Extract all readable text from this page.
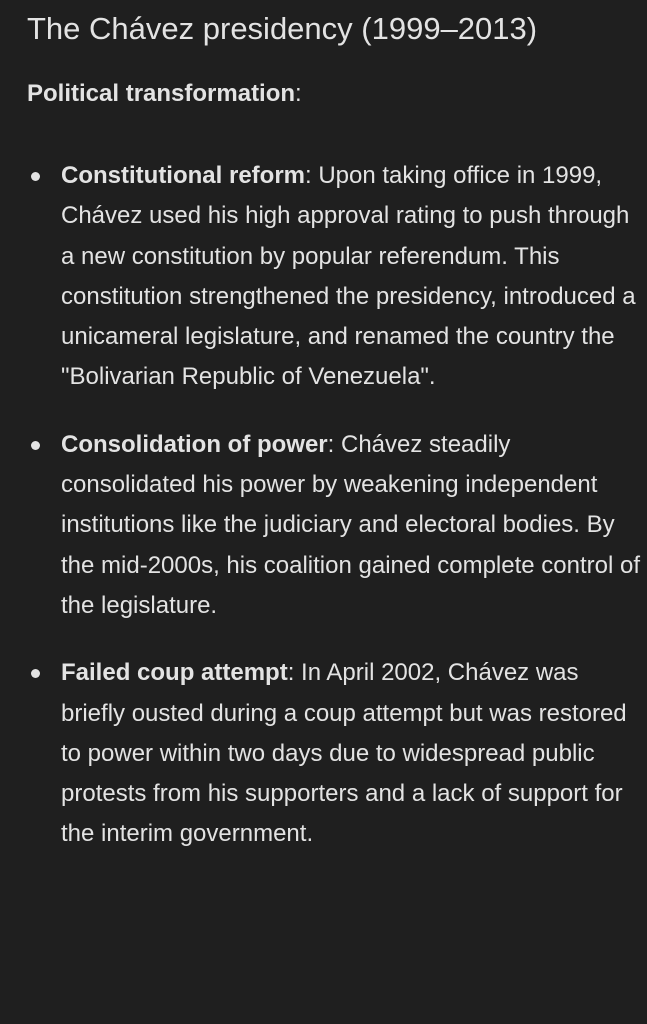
The Chávez presidency (1999–2013)
Political transformation:
Constitutional reform: Upon taking office in 1999, Chávez used his high approval rating to push through a new constitution by popular referendum. This constitution strengthened the presidency, introduced a unicameral legislature, and renamed the country the "Bolivarian Republic of Venezuela".
Consolidation of power: Chávez steadily consolidated his power by weakening independent institutions like the judiciary and electoral bodies. By the mid-2000s, his coalition gained complete control of the legislature.
Failed coup attempt: In April 2002, Chávez was briefly ousted during a coup attempt but was restored to power within two days due to widespread public protests from his supporters and a lack of support for the interim government.
